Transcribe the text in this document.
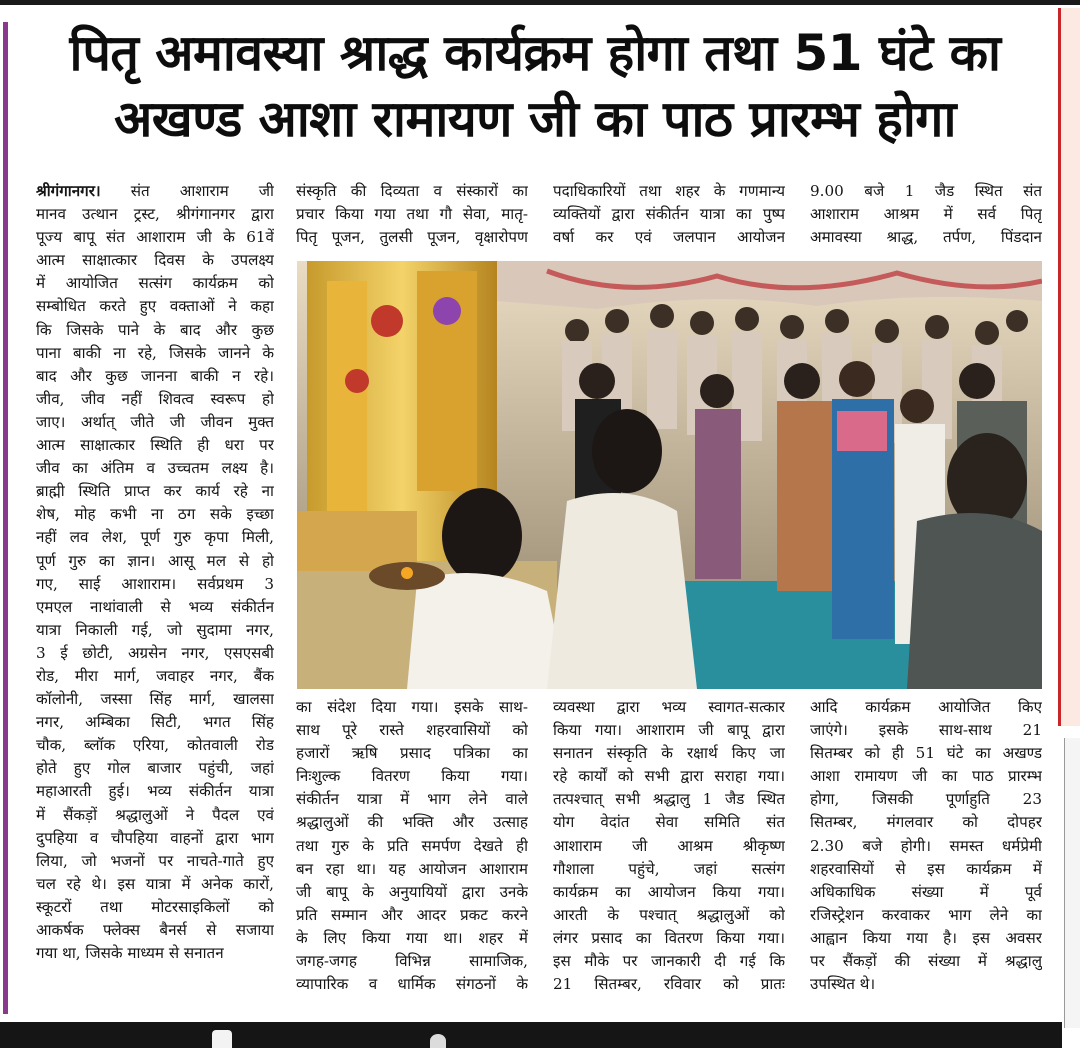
पितृ अमावस्या श्राद्ध कार्यक्रम होगा तथा 51 घंटे का
अखण्ड आशा रामायण जी का पाठ प्रारम्भ होगा
श्रीगंगानगर। संत आशाराम जी
मानव उत्थान ट्रस्ट, श्रीगंगानगर द्वारा
पूज्य बापू संत आशाराम जी के 61वें
आत्म साक्षात्कार दिवस के उपलक्ष्य
में आयोजित सत्संग कार्यक्रम को
सम्बोधित करते हुए वक्ताओं ने कहा
कि जिसके पाने के बाद और कुछ
पाना बाकी ना रहे, जिसके जानने के
बाद और कुछ जानना बाकी न रहे।
जीव, जीव नहीं शिवत्व स्वरूप हो
जाए। अर्थात् जीते जी जीवन मुक्त
आत्म साक्षात्कार स्थिति ही धरा पर
जीव का अंतिम व उच्चतम लक्ष्य है।
ब्राह्मी स्थिति प्राप्त कर कार्य रहे ना
शेष, मोह कभी ना ठग सके इच्छा
नहीं लव लेश, पूर्ण गुरु कृपा मिली,
पूर्ण गुरु का ज्ञान। आसू मल से हो
गए, साई आशाराम। सर्वप्रथम 3
एमएल नाथांवाली से भव्य संकीर्तन
यात्रा निकाली गई, जो सुदामा नगर,
3 ई छोटी, अग्रसेन नगर, एसएसबी
रोड, मीरा मार्ग, जवाहर नगर, बैंक
कॉलोनी, जस्सा सिंह मार्ग, खालसा
नगर, अम्बिका सिटी, भगत सिंह
चौक, ब्लॉक एरिया, कोतवाली रोड
होते हुए गोल बाजार पहुंची, जहां
महाआरती हुई। भव्य संकीर्तन यात्रा
में सैंकड़ों श्रद्धालुओं ने पैदल एवं
दुपहिया व चौपहिया वाहनों द्वारा भाग
लिया, जो भजनों पर नाचते-गाते हुए
चल रहे थे। इस यात्रा में अनेक कारों,
स्कूटरों तथा मोटरसाइकिलों को
आकर्षक फ्लेक्स बैनर्स से सजाया
गया था, जिसके माध्यम से सनातन
संस्कृति की दिव्यता व संस्कारों का
प्रचार किया गया तथा गौ सेवा, मातृ-
पितृ पूजन, तुलसी पूजन, वृक्षारोपण
पदाधिकारियों तथा शहर के गणमान्य
व्यक्तियों द्वारा संकीर्तन यात्रा का पुष्प
वर्षा कर एवं जलपान आयोजन
9.00 बजे 1 जैड स्थित संत
आशाराम आश्रम में सर्व पितृ
अमावस्या श्राद्ध, तर्पण, पिंडदान
का संदेश दिया गया। इसके साथ-
साथ पूरे रास्ते शहरवासियों को
हजारों ऋषि प्रसाद पत्रिका का
निःशुल्क वितरण किया गया।
संकीर्तन यात्रा में भाग लेने वाले
श्रद्धालुओं की भक्ति और उत्साह
तथा गुरु के प्रति समर्पण देखते ही
बन रहा था। यह आयोजन आशाराम
जी बापू के अनुयायियों द्वारा उनके
प्रति सम्मान और आदर प्रकट करने
के लिए किया गया था। शहर में
जगह-जगह विभिन्न सामाजिक,
व्यापारिक व धार्मिक संगठनों के
व्यवस्था द्वारा भव्य स्वागत-सत्कार
किया गया। आशाराम जी बापू द्वारा
सनातन संस्कृति के रक्षार्थ किए जा
रहे कार्यों को सभी द्वारा सराहा गया।
तत्पश्चात् सभी श्रद्धालु 1 जैड स्थित
योग वेदांत सेवा समिति संत
आशाराम जी आश्रम श्रीकृष्ण
गौशाला पहुंचे, जहां सत्संग
कार्यक्रम का आयोजन किया गया।
आरती के पश्चात् श्रद्धालुओं को
लंगर प्रसाद का वितरण किया गया।
इस मौके पर जानकारी दी गई कि
21 सितम्बर, रविवार को प्रातः
आदि कार्यक्रम आयोजित किए
जाएंगे। इसके साथ-साथ 21
सितम्बर को ही 51 घंटे का अखण्ड
आशा रामायण जी का पाठ प्रारम्भ
होगा, जिसकी पूर्णाहुति 23
सितम्बर, मंगलवार को दोपहर
2.30 बजे होगी। समस्त धर्मप्रेमी
शहरवासियों से इस कार्यक्रम में
अधिकाधिक संख्या में पूर्व
रजिस्ट्रेशन करवाकर भाग लेने का
आह्वान किया गया है। इस अवसर
पर सैंकड़ों की संख्या में श्रद्धालु
उपस्थित थे।
